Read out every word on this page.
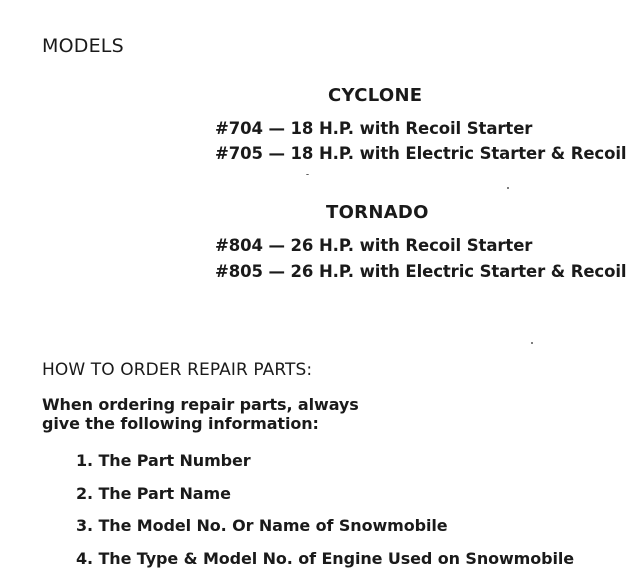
MODELS
CYCLONE
#704 — 18 H.P. with Recoil Starter
#705 — 18 H.P. with Electric Starter & Recoil
TORNADO
#804 — 26 H.P. with Recoil Starter
#805 — 26 H.P. with Electric Starter & Recoil
HOW TO ORDER REPAIR PARTS:
When ordering repair parts, always
give the following information:
1. The Part Number
2. The Part Name
3. The Model No. Or Name of Snowmobile
4. The Type & Model No. of Engine Used on Snowmobile
